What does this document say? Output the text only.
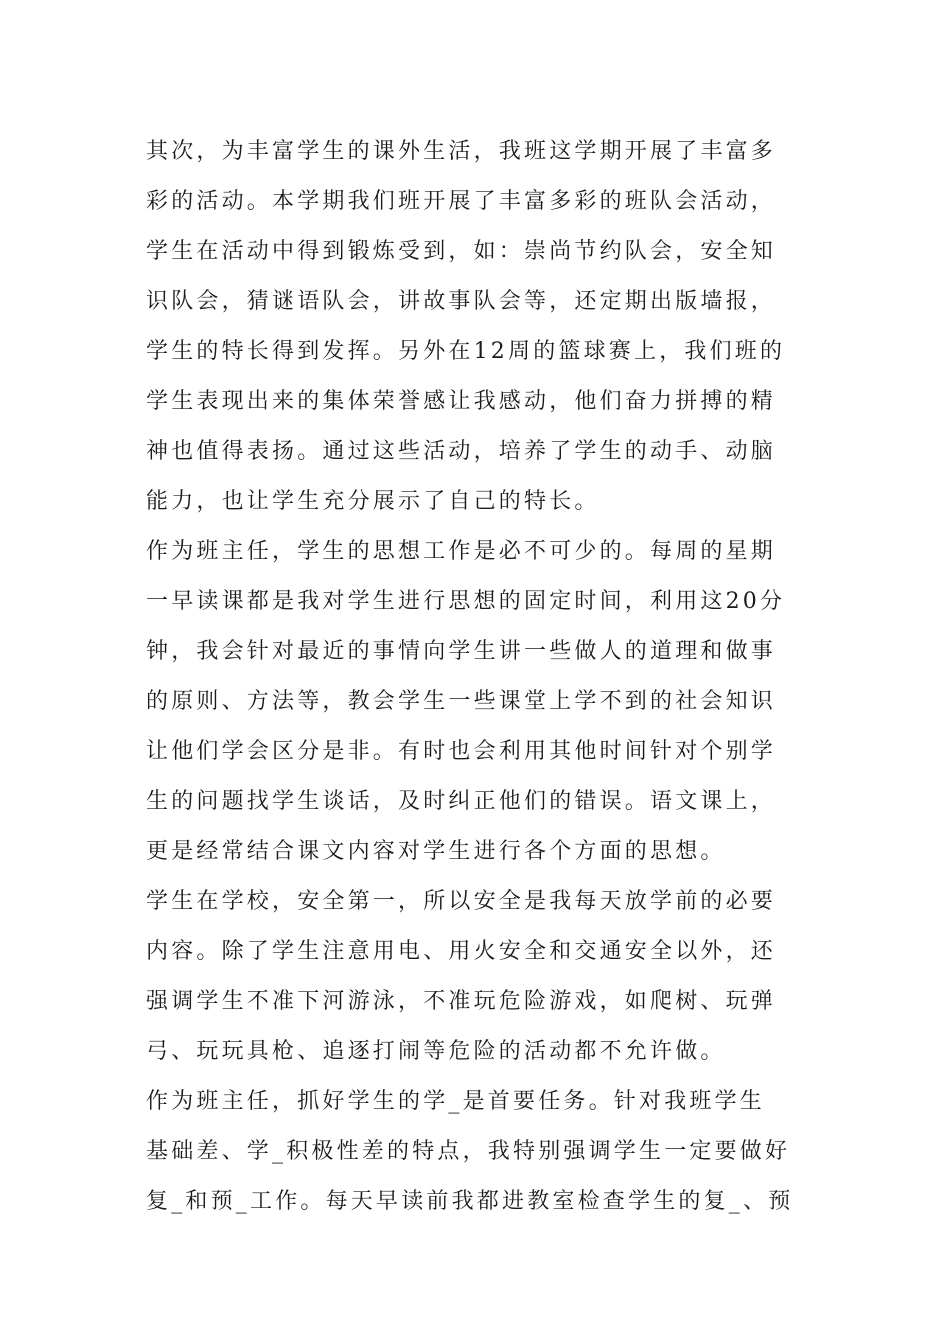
其次，为丰富学生的课外生活，我班这学期开展了丰富多
彩的活动。本学期我们班开展了丰富多彩的班队会活动，
学生在活动中得到锻炼受到，如：崇尚节约队会，安全知
识队会，猜谜语队会，讲故事队会等，还定期出版墙报，
学生的特长得到发挥。另外在12周的篮球赛上，我们班的
学生表现出来的集体荣誉感让我感动，他们奋力拼搏的精
神也值得表扬。通过这些活动，培养了学生的动手、动脑
能力，也让学生充分展示了自己的特长。
作为班主任，学生的思想工作是必不可少的。每周的星期
一早读课都是我对学生进行思想的固定时间，利用这20分
钟，我会针对最近的事情向学生讲一些做人的道理和做事
的原则、方法等，教会学生一些课堂上学不到的社会知识
让他们学会区分是非。有时也会利用其他时间针对个别学
生的问题找学生谈话，及时纠正他们的错误。语文课上，
更是经常结合课文内容对学生进行各个方面的思想。
学生在学校，安全第一，所以安全是我每天放学前的必要
内容。除了学生注意用电、用火安全和交通安全以外，还
强调学生不准下河游泳，不准玩危险游戏，如爬树、玩弹
弓、玩玩具枪、追逐打闹等危险的活动都不允许做。
作为班主任，抓好学生的学_是首要任务。针对我班学生
基础差、学_积极性差的特点，我特别强调学生一定要做好
复_和预_工作。每天早读前我都进教室检查学生的复_、预
